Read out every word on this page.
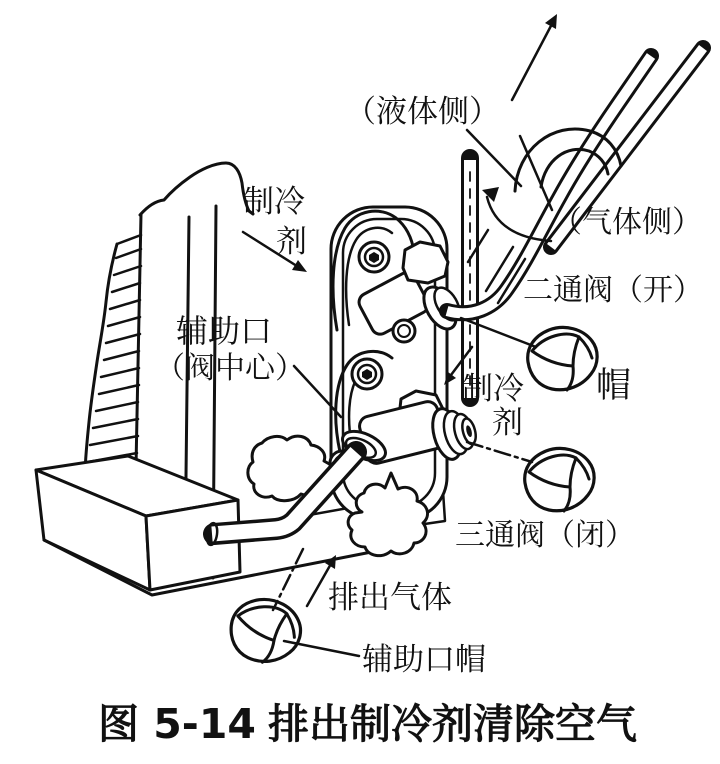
（液体侧）
（气体侧）
制冷
剂
二通阀（开）
辅助口
（阀中心）	帽
制冷
剂
三通阀（闭）
排出气体
辅助口帽
图 5-14 排出制冷剂清除空气
